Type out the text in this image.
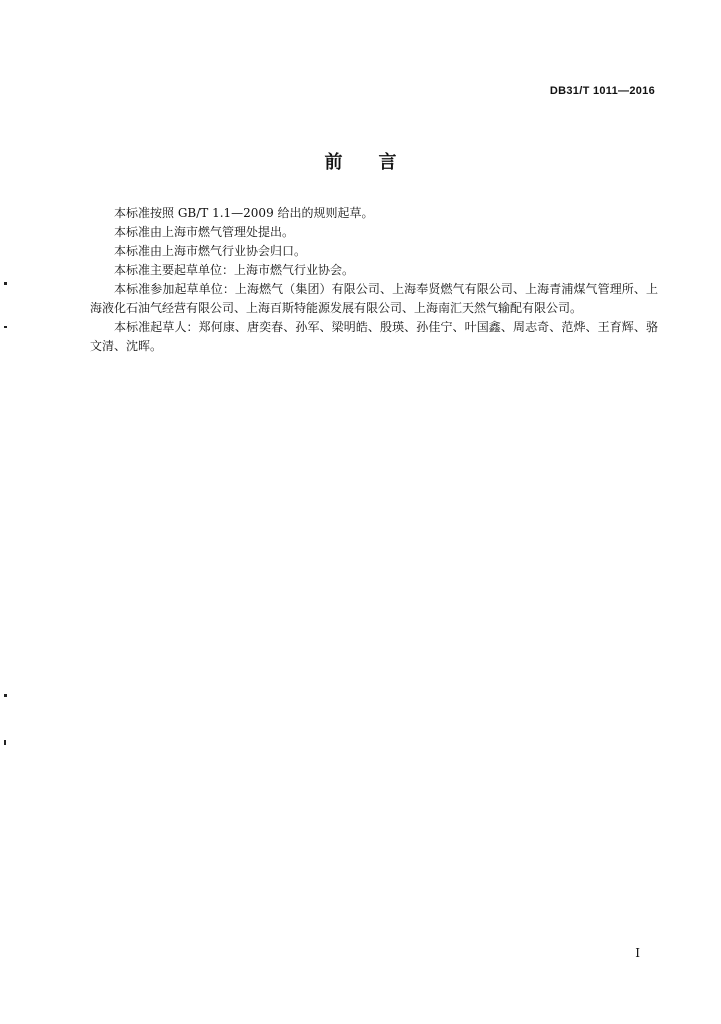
DB31/T 1011—2016
前言

本标准按照 GB/T 1.1—2009 给出的规则起草。

本标准由上海市燃气管理处提出。

本标准由上海市燃气行业协会归口。

本标准主要起草单位：上海市燃气行业协会。

本标准参加起草单位：上海燃气（集团）有限公司、上海奉贤燃气有限公司、上海青浦煤气管理所、上海液化石油气经营有限公司、上海百斯特能源发展有限公司、上海南汇天然气输配有限公司。

本标准起草人：郑何康、唐奕春、孙军、梁明皓、殷瑛、孙佳宁、叶国鑫、周志奇、范烨、王育辉、骆文清、沈晖。

I
